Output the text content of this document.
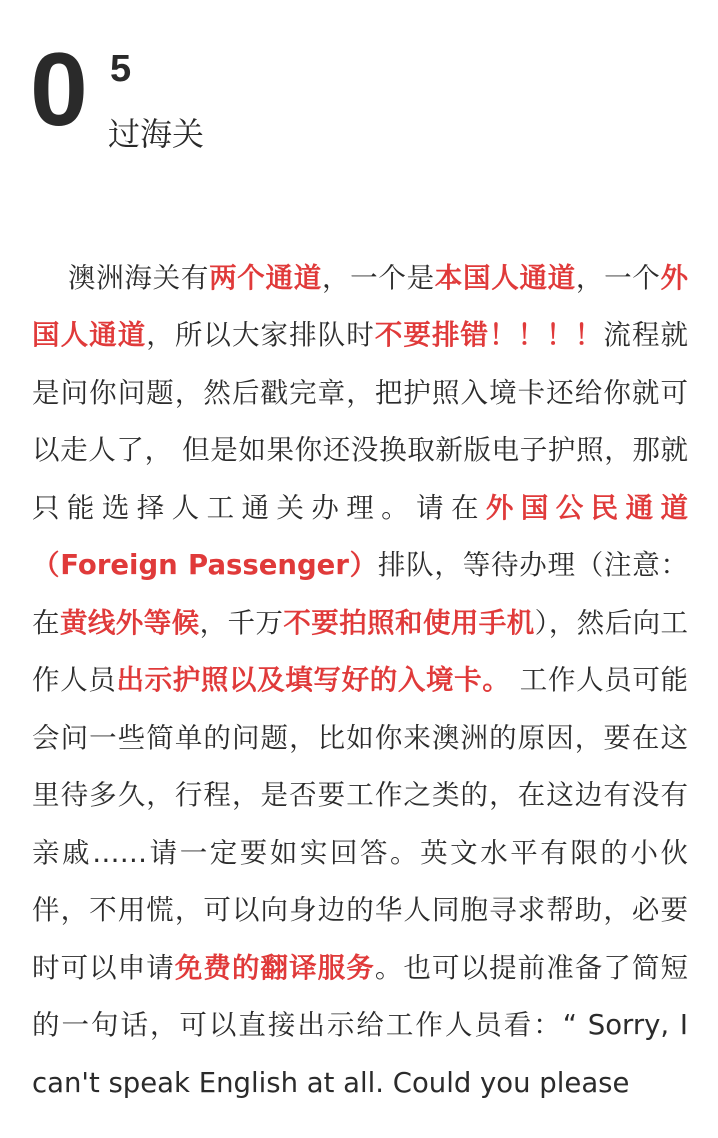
0 5
过海关

澳洲海关有两个通道，一个是本国人通道，一个外国人通道，所以大家排队时不要排错！！！！流程就是问你问题，然后戳完章，把护照入境卡还给你就可以走人了， 但是如果你还没换取新版电子护照，那就只能选择人工通关办理。请在外国公民通道（Foreign Passenger）排队，等待办理（注意：在黄线外等候，千万不要拍照和使用手机），然后向工作人员出示护照以及填写好的入境卡。 工作人员可能会问一些简单的问题，比如你来澳洲的原因，要在这里待多久，行程，是否要工作之类的，在这边有没有亲戚……请一定要如实回答。英文水平有限的小伙伴，不用慌，可以向身边的华人同胞寻求帮助，必要时可以申请免费的翻译服务。也可以提前准备了简短的一句话，可以直接出示给工作人员看：“ Sorry, I can't speak English at all. Could you please
